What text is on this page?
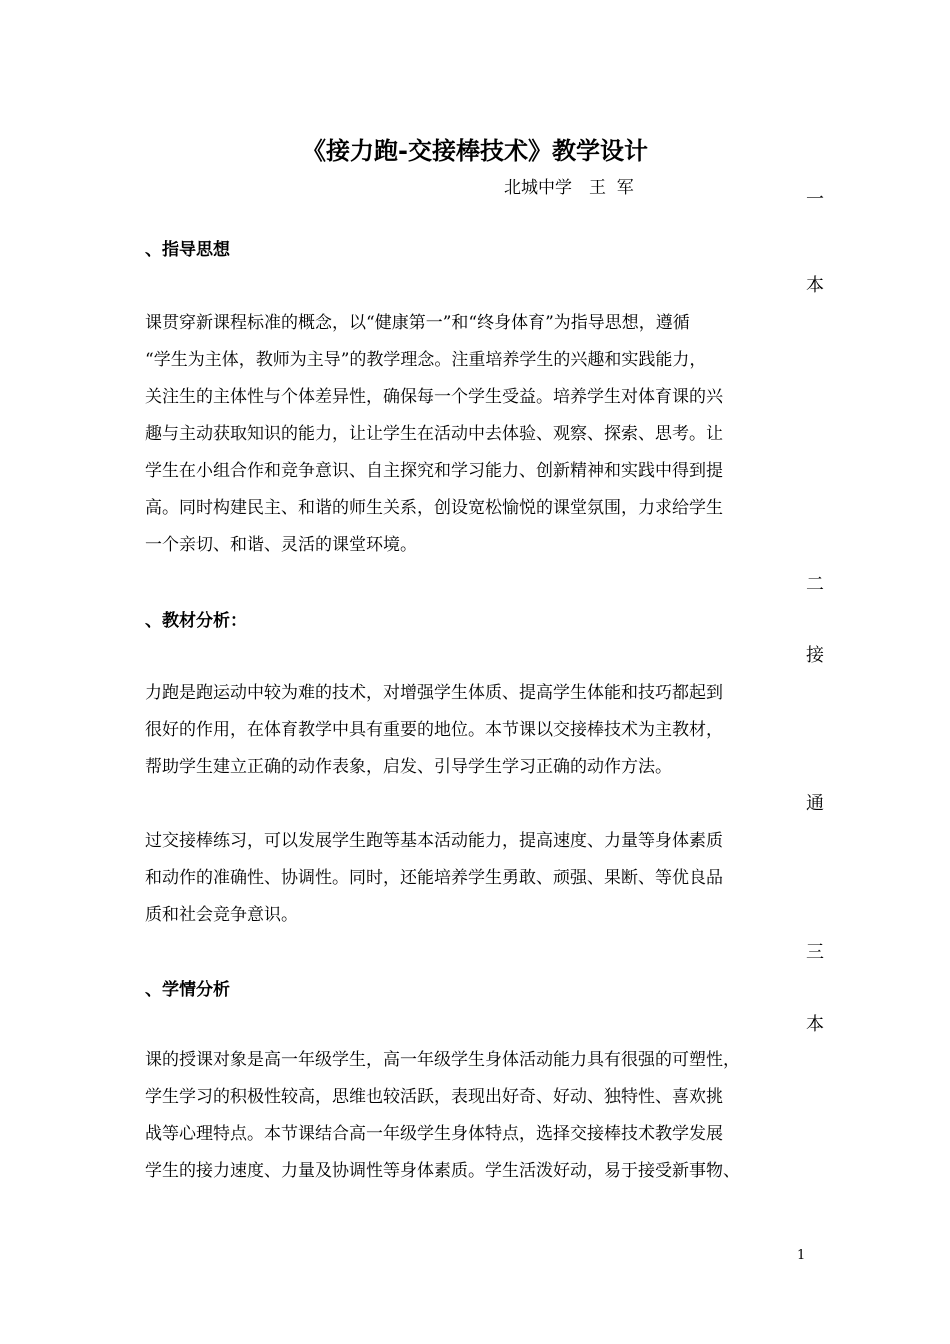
《接力跑-交接棒技术》教学设计
北城中学　王  军
一
、指导思想
本
课贯穿新课程标准的概念，以“健康第一”和“终身体育”为指导思想，遵循
“学生为主体，教师为主导”的教学理念。注重培养学生的兴趣和实践能力，
关注生的主体性与个体差异性，确保每一个学生受益。培养学生对体育课的兴
趣与主动获取知识的能力，让让学生在活动中去体验、观察、探索、思考。让
学生在小组合作和竞争意识、自主探究和学习能力、创新精神和实践中得到提
高。同时构建民主、和谐的师生关系，创设宽松愉悦的课堂氛围，力求给学生
一个亲切、和谐、灵活的课堂环境。
二
、教材分析：
接
力跑是跑运动中较为难的技术，对增强学生体质、提高学生体能和技巧都起到
很好的作用，在体育教学中具有重要的地位。本节课以交接棒技术为主教材，
帮助学生建立正确的动作表象，启发、引导学生学习正确的动作方法。
通
过交接棒练习，可以发展学生跑等基本活动能力，提高速度、力量等身体素质
和动作的准确性、协调性。同时，还能培养学生勇敢、顽强、果断、等优良品
质和社会竞争意识。
三
、学情分析
本
课的授课对象是高一年级学生，高一年级学生身体活动能力具有很强的可塑性，
学生学习的积极性较高，思维也较活跃，表现出好奇、好动、独特性、喜欢挑
战等心理特点。本节课结合高一年级学生身体特点，选择交接棒技术教学发展
学生的接力速度、力量及协调性等身体素质。学生活泼好动，易于接受新事物、
1
